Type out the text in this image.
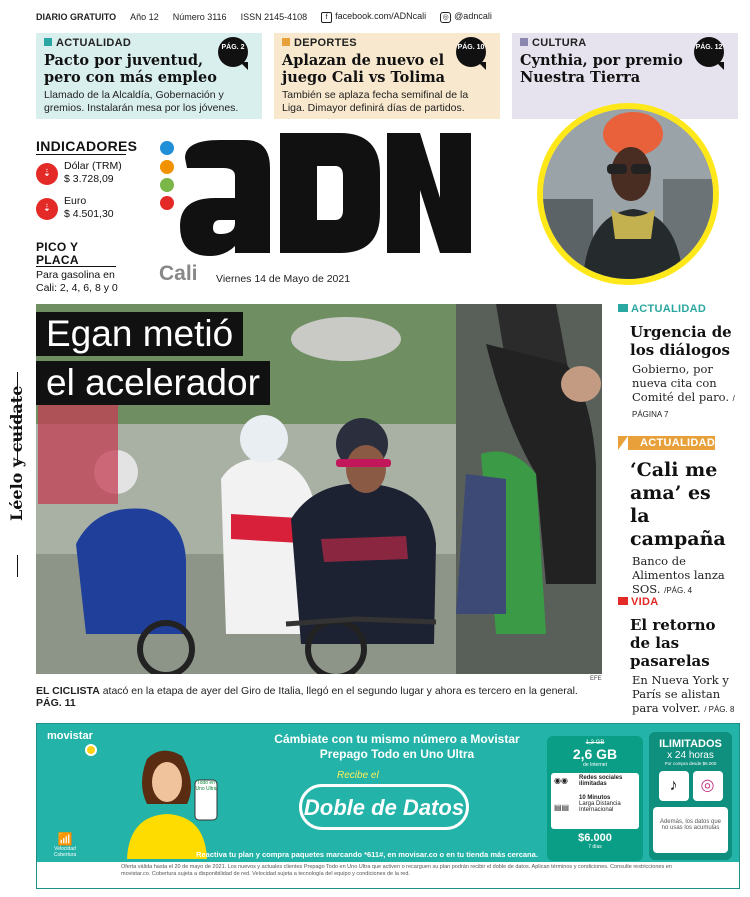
DIARIO GRATUITO Año 12 Número 3116 ISSN 2145-4108	f facebook.com/ADNcali	◎ @adncali
ACTUALIDAD
Pacto por juventud, pero con más empleo

Llamado de la Alcaldía, Gobernación y gremios. Instalarán mesa por los jóvenes.

PÁG. 2	DEPORTES
Aplazan de nuevo el juego Cali vs Tolima

También se aplaza fecha semifinal de la Liga. Dimayor definirá días de partidos.

PÁG. 10	CULTURA
Cynthia, por premio Nuestra Tierra
PÁG. 12
INDICADORES
⇣
Dólar (TRM)
$ 3.728,09
⇣
Euro
$ 4.501,30
PICO Y PLACA
Para gasolina en Cali: 2, 4, 6, 8 y 0
ADN
Cali Viernes 14 de Mayo de 2021
Egan metió
el acelerador
EFE
EL CICLISTA atacó en la etapa de ayer del Giro de Italia, llegó en el segundo lugar y ahora es tercero en la general. PÁG. 11
Léelo y cuídate
ACTUALIDAD
Urgencia de los diálogos

Gobierno, por nueva cita con Comité del paro. / PÁGINA 7

ACTUALIDAD
‘Cali me ama’ es la campaña

Banco de Alimentos lanza SOS. /PÁG. 4

VIDA
El retorno de las pasarelas

En Nueva York y París se alistan para volver. / PÁG. 8

movistar	Cámbiate con tu mismo número a Movistar Prepago Todo en Uno Ultra
Todo en Uno Ultra
Recibe el
Doble de Datos
Reactiva tu plan y compra paquetes marcando *611#, en movisar.co o en tu tienda más cercana.
1,3 GB
2,6 GB
de Internet
◉◉ Redes sociales ilimitadas
▤▤
10 Minutos
Larga Distancia Internacional
$6.000
7 días
ILIMITADOS
x 24 horas
Por compra desde $6.000
♪	◎
Además, los datos que no usas los acumulas
📶
Velocidad Cobertura
Oferta válida hasta el 20 de mayo de 2021. Los nuevos y actuales clientes Prepago Todo en Uno Ultra que activen o recarguen su plan podrán recibir el doble de datos. Aplican términos y condiciones. Consulte restricciones en movistar.co. Cobertura sujeta a disponibilidad de red. Velocidad sujeta a tecnología del equipo y condiciones de la red.
